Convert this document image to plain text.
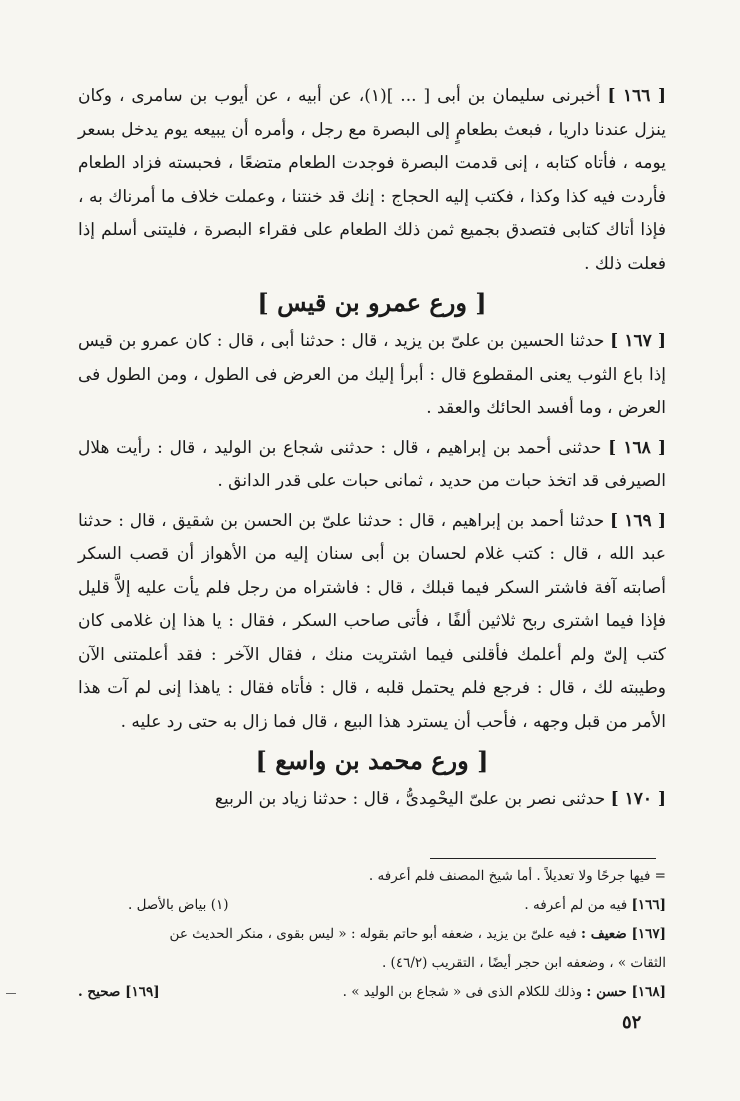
[ ١٦٦ ] أخبرنى سليمان بن أبى [ ... ](١)، عن أبيه ، عن أيوب بن سامرى ، وكان ينزل عندنا داريا ، فبعث بطعامٍ إلى البصرة مع رجل ، وأمره أن يبيعه يوم يدخل بسعر يومه ، فأتاه كتابه ، إنى قدمت البصرة فوجدت الطعام متضعًا ، فحبسته فزاد الطعام فأردت فيه كذا وكذا ، فكتب إليه الحجاج : إنك قد خنتنا ، وعملت خلاف ما أمرناك به ، فإذا أتاك كتابى فتصدق بجميع ثمن ذلك الطعام على فقراء البصرة ، فليتنى أسلم إذا فعلت ذلك .

[ ورع عمرو بن قيس ]

[ ١٦٧ ] حدثنا الحسين بن علىّ بن يزيد ، قال : حدثنا أبى ، قال : كان عمرو بن قيس إذا باع الثوب يعنى المقطوع قال : أبرأ إليك من العرض فى الطول ، ومن الطول فى العرض ، وما أفسد الحائك والعقد .

[ ١٦٨ ] حدثنى أحمد بن إبراهيم ، قال : حدثنى شجاع بن الوليد ، قال : رأيت هلال الصيرفى قد اتخذ حبات من حديد ، ثمانى حبات على قدر الدانق .

[ ١٦٩ ] حدثنا أحمد بن إبراهيم ، قال : حدثنا علىّ بن الحسن بن شقيق ، قال : حدثنا عبد الله ، قال : كتب غلام لحسان بن أبى سنان إليه من الأهواز أن قصب السكر أصابته آفة فاشتر السكر فيما قبلك ، قال : فاشتراه من رجل فلم يأت عليه إلاَّ قليل فإذا فيما اشترى ربح ثلاثين ألفًا ، فأتى صاحب السكر ، فقال : يا هذا إن غلامى كان كتب إلىّ ولم أعلمك فأقلنى فيما اشتريت منك ، فقال الآخر : فقد أعلمتنى الآن وطيبته لك ، قال : فرجع فلم يحتمل قلبه ، قال : فأتاه فقال : ياهذا إنى لم آت هذا الأمر من قبل وجهه ، فأحب أن يسترد هذا البيع ، قال فما زال به حتى رد عليه .

[ ورع محمد بن واسع ]

[ ١٧٠ ] حدثنى نصر بن علىّ اليحْمِدىُّ ، قال : حدثنا زياد بن الربيع

= فيها جرحًا ولا تعديلاً . أما شيخ المصنف فلم أعرفه .
[١٦٦] فيه من لم أعرفه .
(١) بياض بالأصل .
[١٦٧] ضعيف : فيه علىّ بن يزيد ، ضعفه أبو حاتم بقوله : « ليس بقوى ، منكر الحديث عن
الثقات » ، وضعفه ابن حجر أيضًا ، التقريب (٤٦/٢) .
[١٦٨] حسن : وذلك للكلام الذى فى « شجاع بن الوليد » .
[١٦٩] صحيح .
٥٢
